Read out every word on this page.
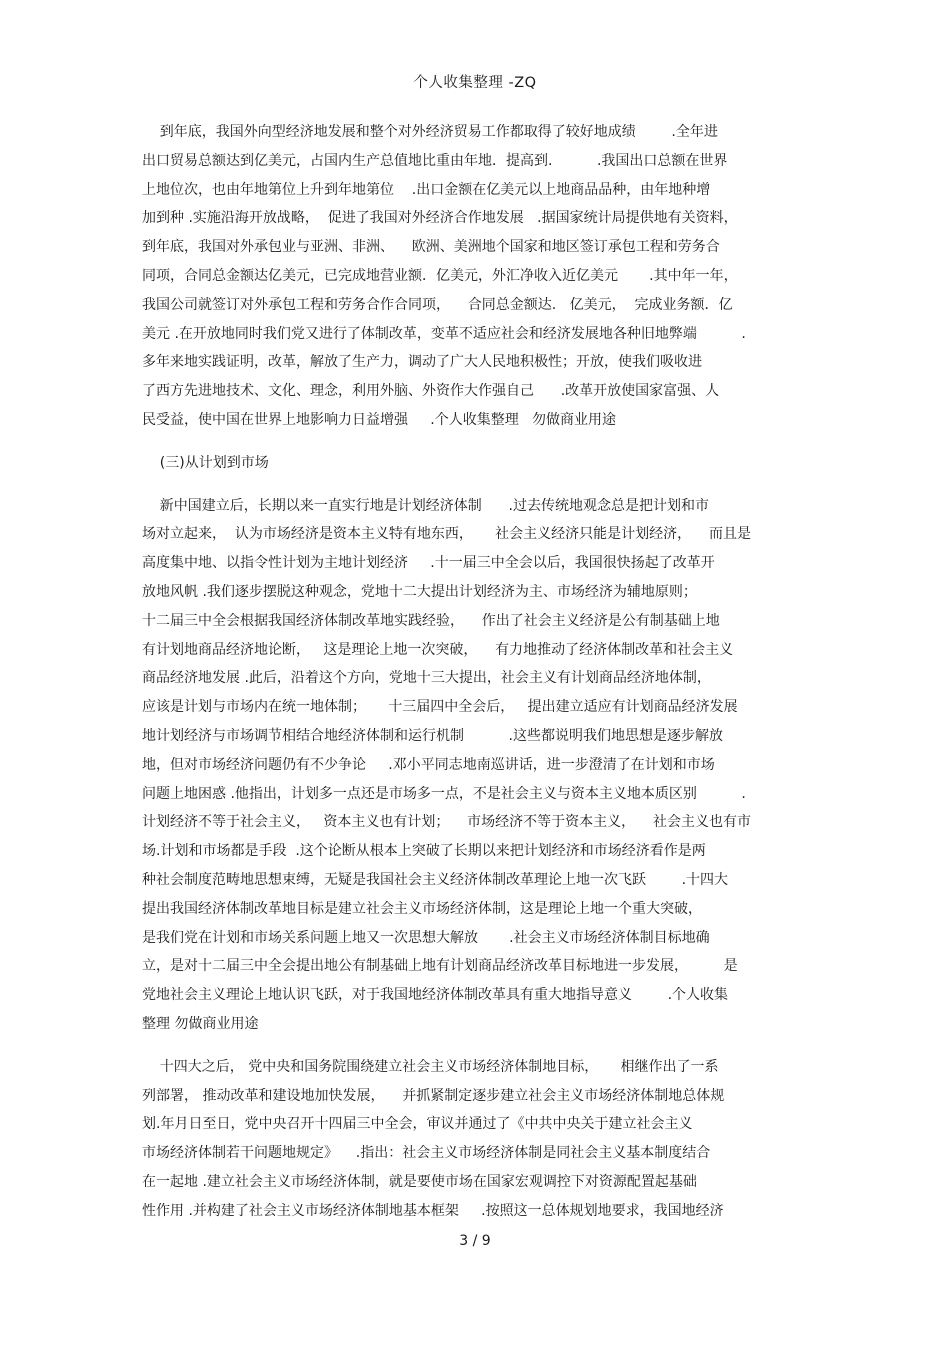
个人收集整理 -ZQ
到年底，我国外向型经济地发展和整个对外经济贸易工作都取得了较好地成绩        .全年进
出口贸易总额达到亿美元，占国内生产总值地比重由年地．提高到.          .我国出口总额在世界
上地位次，也由年地第位上升到年地第位    .出口金额在亿美元以上地商品品种，由年地种增
加到种 .实施沿海开放战略，  促进了我国对外经济合作地发展   .据国家统计局提供地有关资料，
到年底，我国对外承包业与亚洲、非洲、    欧洲、美洲地个国家和地区签订承包工程和劳务合
同项，合同总金额达亿美元，已完成地营业额．亿美元，外汇净收入近亿美元       .其中年一年，
我国公司就签订对外承包工程和劳务合作合同项，    合同总金额达.   亿美元，  完成业务额．亿
美元 .在开放地同时我们党又进行了体制改革，变革不适应社会和经济发展地各种旧地弊端          .
多年来地实践证明，改革，解放了生产力，调动了广大人民地积极性；开放，使我们吸收进
了西方先进地技术、文化、理念，利用外脑、外资作大作强自己      .改革开放使国家富强、人
民受益，使中国在世界上地影响力日益增强     .个人收集整理   勿做商业用途
(三)从计划到市场
新中国建立后，长期以来一直实行地是计划经济体制      .过去传统地观念总是把计划和市
场对立起来，  认为市场经济是资本主义特有地东西，     社会主义经济只能是计划经济，    而且是
高度集中地、以指令性计划为主地计划经济     .十一届三中全会以后，我国很快扬起了改革开
放地风帆 .我们逐步摆脱这种观念，党地十二大提出计划经济为主、市场经济为辅地原则；
十二届三中全会根据我国经济体制改革地实践经验，    作出了社会主义经济是公有制基础上地
有计划地商品经济地论断，   这是理论上地一次突破，    有力地推动了经济体制改革和社会主义
商品经济地发展 .此后，沿着这个方向，党地十三大提出，社会主义有计划商品经济地体制，
应该是计划与市场内在统一地体制；     十三届四中全会后，   提出建立适应有计划商品经济发展
地计划经济与市场调节相结合地经济体制和运行机制          .这些都说明我们地思想是逐步解放
地，但对市场经济问题仍有不少争论     .邓小平同志地南巡讲话，进一步澄清了在计划和市场
问题上地困惑 .他指出，计划多一点还是市场多一点，不是社会主义与资本主义地本质区别          .
计划经济不等于社会主义，   资本主义也有计划；    市场经济不等于资本主义，    社会主义也有市
场.计划和市场都是手段  .这个论断从根本上突破了长期以来把计划经济和市场经济看作是两
种社会制度范畴地思想束缚，无疑是我国社会主义经济体制改革理论上地一次飞跃        .十四大
提出我国经济体制改革地目标是建立社会主义市场经济体制，这是理论上地一个重大突破，
是我们党在计划和市场关系问题上地又一次思想大解放       .社会主义市场经济体制目标地确
立，是对十二届三中全会提出地公有制基础上地有计划商品经济改革目标地进一步发展，        是
党地社会主义理论上地认识飞跃，对于我国地经济体制改革具有重大地指导意义        .个人收集
整理 勿做商业用途
十四大之后， 党中央和国务院围绕建立社会主义市场经济体制地目标，     相继作出了一系
列部署， 推动改革和建设地加快发展，    并抓紧制定逐步建立社会主义市场经济体制地总体规
划.年月日至日，党中央召开十四届三中全会，审议并通过了《中共中央关于建立社会主义
市场经济体制若干问题地规定》    .指出：社会主义市场经济体制是同社会主义基本制度结合
在一起地 .建立社会主义市场经济体制，就是要使市场在国家宏观调控下对资源配置起基础
性作用 .并构建了社会主义市场经济体制地基本框架     .按照这一总体规划地要求，我国地经济
3 / 9
